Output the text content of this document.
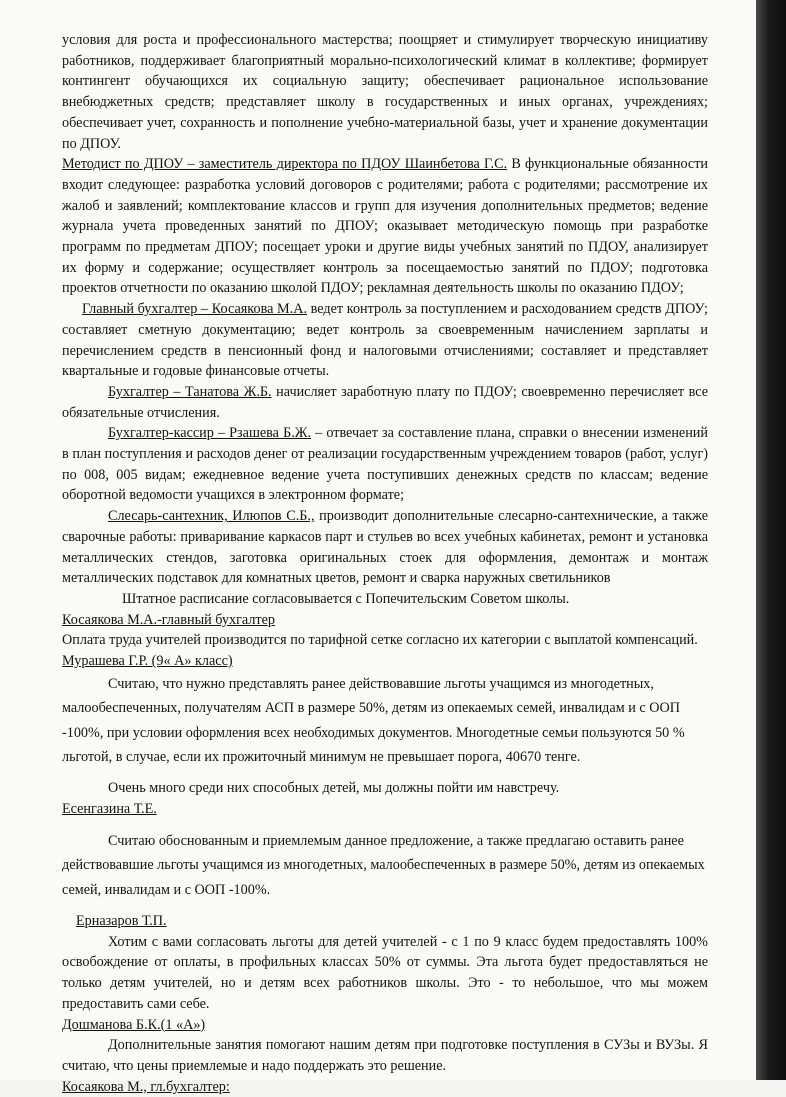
условия для роста и профессионального мастерства; поощряет и стимулирует творческую инициативу работников, поддерживает благоприятный морально-психологический климат в коллективе; формирует контингент обучающихся их социальную защиту; обеспечивает рациональное использование внебюджетных средств; представляет школу в государственных и иных органах, учреждениях; обеспечивает учет, сохранность и пополнение учебно-материальной базы, учет и хранение документации по ДПОУ.

Методист по ДПОУ – заместитель директора по ПДОУ Шаинбетова Г.С. В функциональные обязанности входит следующее: разработка условий договоров с родителями; работа с родителями; рассмотрение их жалоб и заявлений; комплектование классов и групп для изучения дополнительных предметов; ведение журнала учета проведенных занятий по ДПОУ; оказывает методическую помощь при разработке программ по предметам ДПОУ; посещает уроки и другие виды учебных занятий по ПДОУ, анализирует их форму и содержание; осуществляет контроль за посещаемостью занятий по ПДОУ; подготовка проектов отчетности по оказанию школой ПДОУ; рекламная деятельность школы по оказанию ПДОУ;

Главный бухгалтер – Косаякова М.А. ведет контроль за поступлением и расходованием средств ДПОУ; составляет сметную документацию; ведет контроль за своевременным начислением зарплаты и перечислением средств в пенсионный фонд и налоговыми отчислениями; составляет и представляет квартальные и годовые финансовые отчеты.

Бухгалтер – Танатова Ж.Б. начисляет заработную плату по ПДОУ; своевременно перечисляет все обязательные отчисления.

Бухгалтер-кассир – Рзашева Б.Ж. – отвечает за составление плана, справки о внесении изменений в план поступления и расходов денег от реализации государственным учреждением товаров (работ, услуг) по 008, 005 видам; ежедневное ведение учета поступивших денежных средств по классам; ведение оборотной ведомости учащихся в электронном формате;

Слесарь-сантехник, Илюпов С.Б., производит дополнительные слесарно-сантехнические, а также сварочные работы: приваривание каркасов парт и стульев во всех учебных кабинетах, ремонт и установка металлических стендов, заготовка оригинальных стоек для оформления, демонтаж и монтаж металлических подставок для комнатных цветов, ремонт и сварка наружных светильников

Штатное расписание согласовывается с Попечительским Советом школы.

Косаякова М.А.-главный бухгалтер

Оплата труда учителей производится по тарифной сетке согласно их категории с выплатой компенсаций.

Мурашева Г.Р. (9« А» класс)

Считаю, что нужно представлять ранее действовавшие льготы учащимся из многодетных, малообеспеченных, получателям АСП в размере 50%, детям из опекаемых семей, инвалидам и с ООП -100%, при условии оформления всех необходимых документов. Многодетные семьи пользуются 50 % льготой, в случае, если их прожиточный минимум не превышает порога, 40670 тенге.

Очень много среди них способных детей, мы должны пойти им навстречу.

Есенгазина Т.Е.

Считаю обоснованным и приемлемым данное предложение, а также предлагаю оставить ранее действовавшие льготы учащимся из многодетных, малообеспеченных в размере 50%, детям из опекаемых семей, инвалидам и с ООП -100%.

Ерназаров Т.П.

Хотим с вами согласовать льготы для детей учителей - с 1 по 9 класс будем предоставлять 100% освобождение от оплаты, в профильных классах 50% от суммы. Эта льгота будет предоставляться не только детям учителей, но и детям всех работников школы. Это - то небольшое, что мы можем предоставить сами себе.

Дошманова Б.К.(1 «А»)

Дополнительные занятия помогают нашим детям при подготовке поступления в СУЗы и ВУЗы. Я считаю, что цены приемлемые и надо поддержать это решение.

Косаякова М., гл.бухгалтер:
